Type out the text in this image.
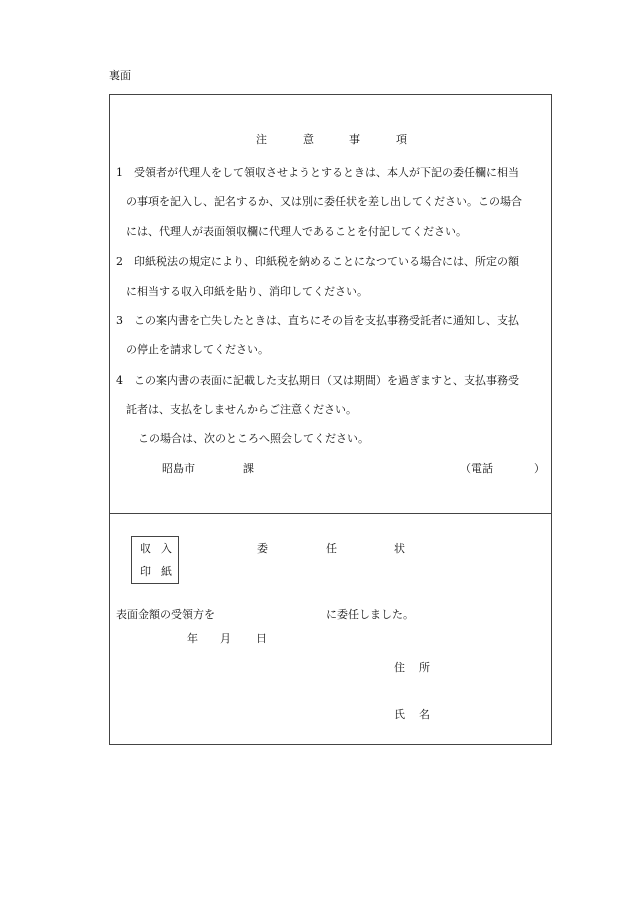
裏面
注	意	事	項
1　受領者が代理人をして領収させようとするときは、本人が下記の委任欄に相当
の事項を記入し、記名するか、又は別に委任状を差し出してください。この場合
には、代理人が表面領収欄に代理人であることを付記してください。
2　印紙税法の規定により、印紙税を納めることになつている場合には、所定の額
に相当する収入印紙を貼り、消印してください。
3　この案内書を亡失したときは、直ちにその旨を支払事務受託者に通知し、支払
の停止を請求してください。
4　この案内書の表面に記載した支払期日（又は期間）を過ぎますと、支払事務受
託者は、支払をしませんからご注意ください。
この場合は、次のところへ照会してください。
昭島市	課	（電話	）
収 入
印 紙
委	任	状
表面金額の受領方を	に委任しました。
年 月 日
住 所
氏 名
